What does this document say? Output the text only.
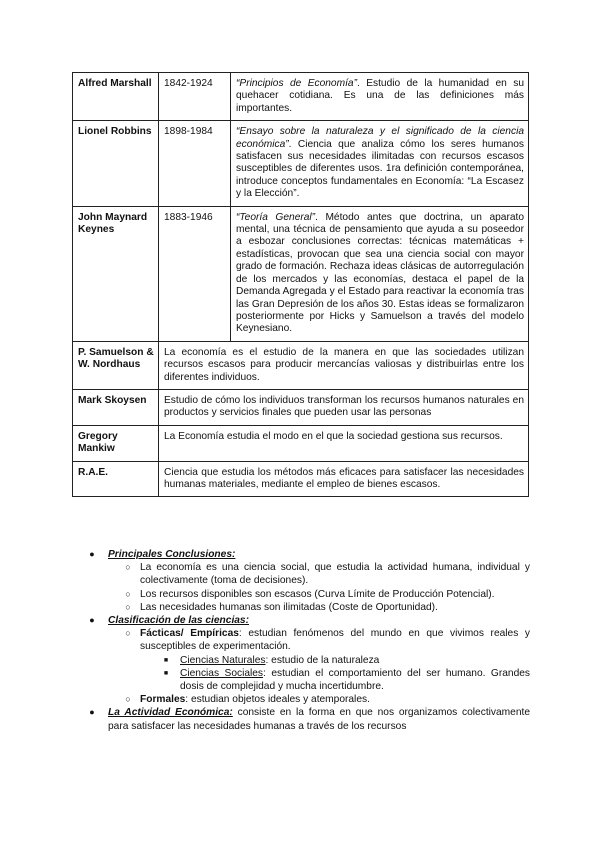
Alfred Marshall	1842-1924	“Principios de Economía”. Estudio de la humanidad en su quehacer cotidiana. Es una de las definiciones más importantes.
Lionel Robbins	1898-1984	“Ensayo sobre la naturaleza y el significado de la ciencia económica”. Ciencia que analiza cómo los seres humanos satisfacen sus necesidades ilimitadas con recursos escasos susceptibles de diferentes usos. 1ra definición contemporánea, introduce conceptos fundamentales en Economía: “La Escasez y la Elección”.
John Maynard Keynes	1883-1946	“Teoría General”. Método antes que doctrina, un aparato mental, una técnica de pensamiento que ayuda a su poseedor a esbozar conclusiones correctas: técnicas matemáticas + estadísticas, provocan que sea una ciencia social con mayor grado de formación. Rechaza ideas clásicas de autorregulación de los mercados y las economías, destaca el papel de la Demanda Agregada y el Estado para reactivar la economía tras las Gran Depresión de los años 30. Estas ideas se formalizaron posteriormente por Hicks y Samuelson a través del modelo Keynesiano.
P. Samuelson & W. Nordhaus	La economía es el estudio de la manera en que las sociedades utilizan recursos escasos para producir mercancías valiosas y distribuirlas entre los diferentes individuos.	
Mark Skoysen	Estudio de cómo los individuos transforman los recursos humanos naturales en productos y servicios finales que pueden usar las personas	
Gregory Mankiw	La Economía estudia el modo en el que la sociedad gestiona sus recursos.	
R.A.E.	Ciencia que estudia los métodos más eficaces para satisfacer las necesidades humanas materiales, mediante el empleo de bienes escasos.	
● Principales Conclusiones:
○ La economía es una ciencia social, que estudia la actividad humana, individual y colectivamente (toma de decisiones).
○ Los recursos disponibles son escasos (Curva Límite de Producción Potencial).
○ Las necesidades humanas son ilimitadas (Coste de Oportunidad).
● Clasificación de las ciencias:
○ Fácticas/ Empíricas: estudian fenómenos del mundo en que vivimos reales y susceptibles de experimentación.
■ Ciencias Naturales: estudio de la naturaleza
■ Ciencias Sociales: estudian el comportamiento del ser humano. Grandes dosis de complejidad y mucha incertidumbre.
○ Formales: estudian objetos ideales y atemporales.
● La Actividad Económica: consiste en la forma en que nos organizamos colectivamente para satisfacer las necesidades humanas a través de los recursos
